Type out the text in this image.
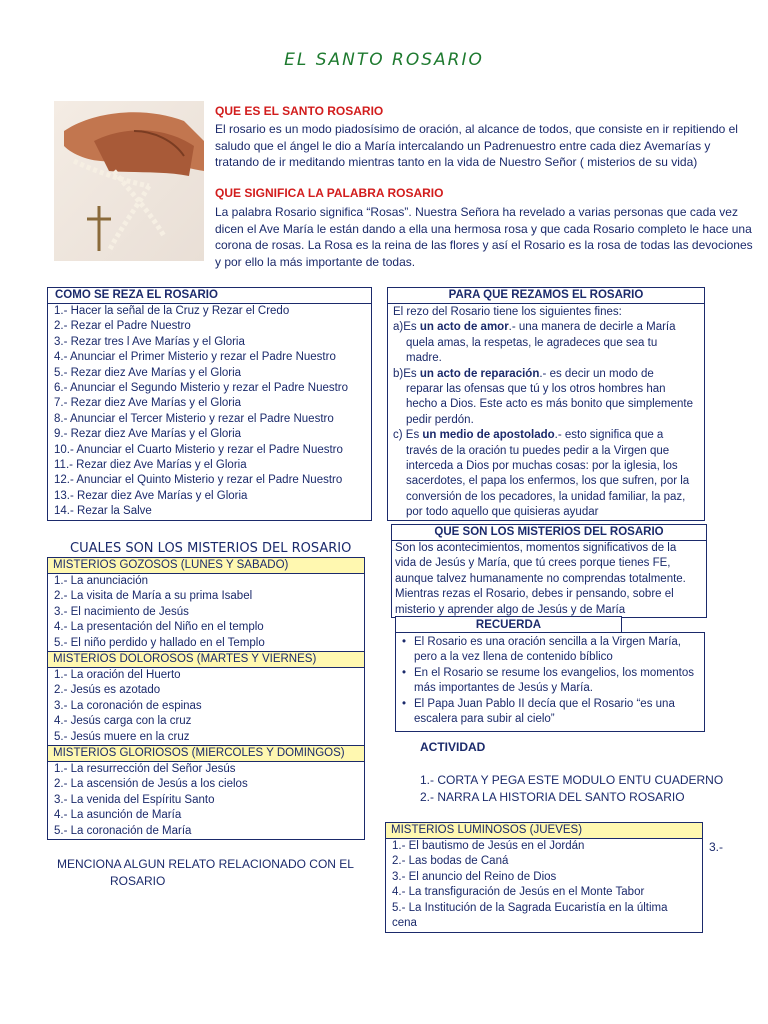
EL SANTO ROSARIO
QUE ES EL SANTO ROSARIO
El rosario es un modo piadosísimo de oración, al alcance de todos, que consiste en ir repitiendo el
saludo que el ángel le dio a María intercalando un Padrenuestro entre cada diez Avemarías y
tratando de ir meditando mientras tanto en la vida de Nuestro Señor ( misterios de su vida)
QUE SIGNIFICA LA PALABRA ROSARIO
La palabra Rosario significa “Rosas”. Nuestra Señora ha revelado a varias personas que cada vez
dicen el Ave María le están dando a ella una hermosa rosa y que cada Rosario completo le hace una
corona de rosas. La Rosa es la reina de las flores y así el Rosario es la rosa de todas las devociones
y por ello la más importante de todas.
COMO SE REZA EL ROSARIO
1.- Hacer la señal de la Cruz y Rezar el Credo
2.- Rezar el Padre Nuestro
3.- Rezar tres l Ave Marías y el Gloria
4.- Anunciar el Primer Misterio y rezar el Padre Nuestro
5.- Rezar diez Ave Marías y el Gloria
6.- Anunciar el Segundo Misterio y rezar el Padre Nuestro
7.- Rezar diez Ave Marías y el Gloria
8.- Anunciar el Tercer Misterio y rezar el Padre Nuestro
9.- Rezar diez Ave Marías y el Gloria
10.- Anunciar el Cuarto Misterio y rezar el Padre Nuestro
11.- Rezar diez Ave Marías y el Gloria
12.- Anunciar el Quinto Misterio y rezar el Padre Nuestro
13.- Rezar diez Ave Marías y el Gloria
14.- Rezar la Salve
PARA QUE REZAMOS EL ROSARIO
El rezo del Rosario tiene los siguientes fines:
a)Es un acto de amor.- una manera de decirle a María
quela amas, la respetas, le agradeces que sea tu
madre.
b)Es un acto de reparación.- es decir un modo de
reparar las ofensas que tú y los otros hombres han
hecho a Dios. Este acto es más bonito que simplemente
pedir perdón.
c) Es un medio de apostolado.- esto significa que a
través de la oración tu puedes pedir a la Virgen que
interceda a Dios por muchas cosas: por la iglesia, los
sacerdotes, el papa los enfermos, los que sufren, por la
conversión de los pecadores, la unidad familiar, la paz,
por todo aquello que quisieras ayudar
CUALES SON LOS MISTERIOS DEL ROSARIO
MISTERIOS GOZOSOS (LUNES Y SABADO)
1.- La anunciación
2.- La visita de María a su prima Isabel
3.- El nacimiento de Jesús
4.- La presentación del Niño en el templo
5.- El niño perdido y hallado en el Templo
MISTERIOS DOLOROSOS (MARTES Y VIERNES)
1.- La oración del Huerto
2.- Jesús es azotado
3.- La coronación de espinas
4.- Jesús carga con la cruz
5.- Jesús muere en la cruz
MISTERIOS GLORIOSOS (MIERCOLES Y DOMINGOS)
1.- La resurrección del Señor Jesús
2.- La ascensión de Jesús a los cielos
3.- La venida del Espíritu Santo
4.- La asunción de María
5.- La coronación de María
QUE SON LOS MISTERIOS DEL ROSARIO
Son los acontecimientos, momentos significativos de la
vida de Jesús y María, que tú crees porque tienes FE,
aunque talvez humanamente no comprendas totalmente.
Mientras rezas el Rosario, debes ir pensando, sobre el
misterio y aprender algo de Jesús y de María
RECUERDA
• El Rosario es una oración sencilla a la Virgen María,
pero a la vez llena de contenido bíblico
• En el Rosario se resume los evangelios, los momentos
más importantes de Jesús y María.
• El Papa Juan Pablo II decía que el Rosario “es una
escalera para subir al cielo”
ACTIVIDAD
1.- CORTA Y PEGA ESTE MODULO ENTU CUADERNO
2.- NARRA LA HISTORIA DEL SANTO ROSARIO
MISTERIOS LUMINOSOS (JUEVES)
1.- El bautismo de Jesús en el Jordán
2.- Las bodas de Caná
3.- El anuncio del Reino de Dios
4.- La transfiguración de Jesús en el Monte Tabor
5.- La Institución de la Sagrada Eucaristía en la última
cena
3.-
MENCIONA ALGUN RELATO RELACIONADO CON EL
ROSARIO
